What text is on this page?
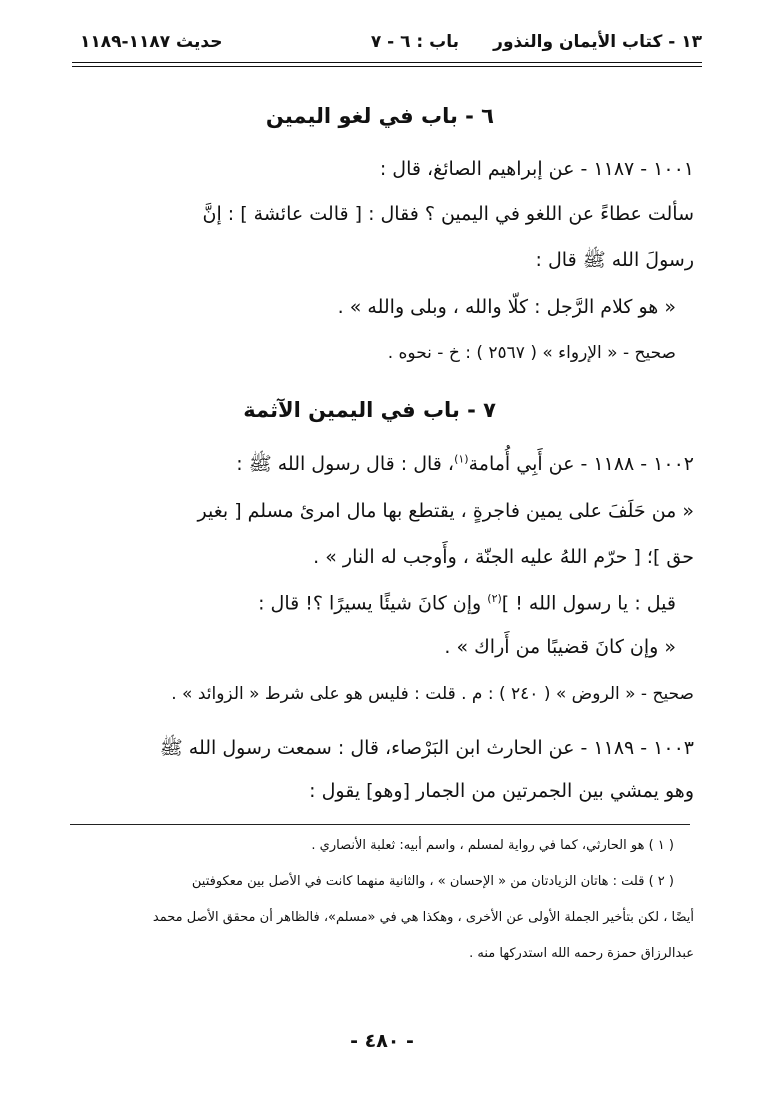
١٣ - كتاب الأيمان والنذور
باب : ٦ - ٧
حديث ١١٨٧-١١٨٩
٦ - باب في لغو اليمين
١٠٠١ - ١١٨٧ - عن إبراهيم الصائغ، قال :
سألت عطاءً عن اللغو في اليمين ؟ فقال : [ قالت عائشة ] : إنَّ
رسولَ الله ﷺ قال :
« هو كلام الرَّجل : كلّا والله ، وبلى والله » .
صحيح - « الإرواء » ( ٢٥٦٧ ) : خ - نحوه .
٧ - باب في اليمين الآثمة
١٠٠٢ - ١١٨٨ - عن أَبِي أُمامة$^{(١)}$، قال : قال رسول الله ﷺ :
« من حَلَفَ على يمين فاجرةٍ ، يقتطع بها مال امرئ مسلم [ بغير
حق ]؛ [ حرّم اللهُ عليه الجنّة ، وأَوجب له النار » .
قيل : يا رسول الله ! ]$^{(٢)}$ وإن كانَ شيئًا يسيرًا ؟! قال :
« وإن كانَ قضيبًا من أَراك » .
صحيح - « الروض » ( ٢٤٠ ) : م . قلت : فليس هو على شرط « الزوائد » .
١٠٠٣ - ١١٨٩ - عن الحارث ابن البَرْصاء، قال : سمعت رسول الله ﷺ
وهو يمشي بين الجمرتين من الجمار [وهو] يقول :
( ١ ) هو الحارثي، كما في رواية لمسلم ، واسم أبيه: ثعلبة الأنصاري .
( ٢ ) قلت : هاتان الزيادتان من « الإحسان » ، والثانية منهما كانت في الأصل بين معكوفتين
أيضًا ، لكن بتأخير الجملة الأولى عن الأخرى ، وهكذا هي في «مسلم»، فالظاهر أن محقق الأصل محمد
عبدالرزاق حمزة رحمه الله استدركها منه .
- ٤٨٠ -
